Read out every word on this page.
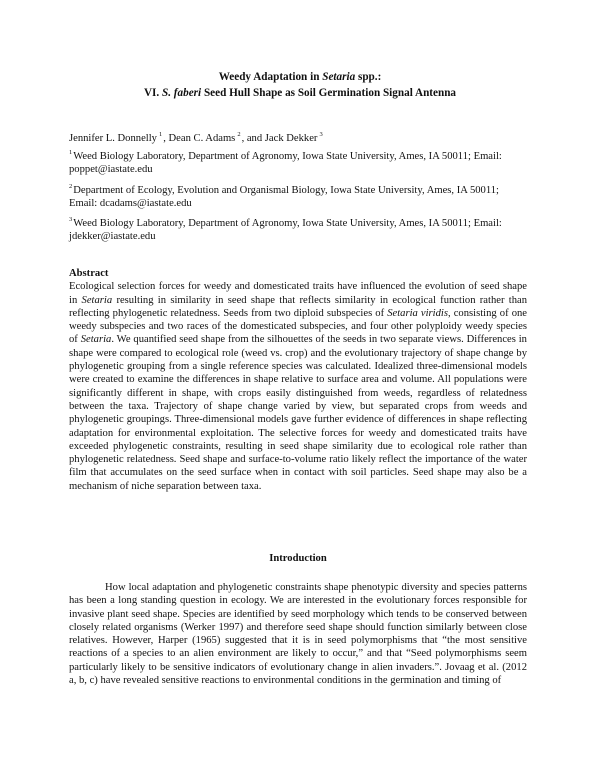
Weedy Adaptation in Setaria spp.:
VI. S. faberi Seed Hull Shape as Soil Germination Signal Antenna
Jennifer L. Donnelly $^1$, Dean C. Adams $^2$, and Jack Dekker $^3$
$^1$Weed Biology Laboratory, Department of Agronomy, Iowa State University, Ames, IA 50011; Email: poppet@iastate.edu
$^2$Department of Ecology, Evolution and Organismal Biology, Iowa State University, Ames, IA 50011; Email: dcadams@iastate.edu
$^3$Weed Biology Laboratory, Department of Agronomy, Iowa State University, Ames, IA 50011; Email: jdekker@iastate.edu
Abstract
Ecological selection forces for weedy and domesticated traits have influenced the evolution of seed shape in Setaria resulting in similarity in seed shape that reflects similarity in ecological function rather than reflecting phylogenetic relatedness. Seeds from two diploid subspecies of Setaria viridis, consisting of one weedy subspecies and two races of the domesticated subspecies, and four other polyploidy weedy species of Setaria. We quantified seed shape from the silhouettes of the seeds in two separate views. Differences in shape were compared to ecological role (weed vs. crop) and the evolutionary trajectory of shape change by phylogenetic grouping from a single reference species was calculated. Idealized three-dimensional models were created to examine the differences in shape relative to surface area and volume. All populations were significantly different in shape, with crops easily distinguished from weeds, regardless of relatedness between the taxa. Trajectory of shape change varied by view, but separated crops from weeds and phylogenetic groupings. Three-dimensional models gave further evidence of differences in shape reflecting adaptation for environmental exploitation. The selective forces for weedy and domesticated traits have exceeded phylogenetic constraints, resulting in seed shape similarity due to ecological role rather than phylogenetic relatedness. Seed shape and surface-to-volume ratio likely reflect the importance of the water film that accumulates on the seed surface when in contact with soil particles. Seed shape may also be a mechanism of niche separation between taxa.
Introduction
How local adaptation and phylogenetic constraints shape phenotypic diversity and species patterns has been a long standing question in ecology. We are interested in the evolutionary forces responsible for invasive plant seed shape. Species are identified by seed morphology which tends to be conserved between closely related organisms (Werker 1997) and therefore seed shape should function similarly between close relatives. However, Harper (1965) suggested that it is in seed polymorphisms that “the most sensitive reactions of a species to an alien environment are likely to occur,” and that “Seed polymorphisms seem particularly likely to be sensitive indicators of evolutionary change in alien invaders.”. Jovaag et al. (2012 a, b, c) have revealed sensitive reactions to environmental conditions in the germination and timing of
